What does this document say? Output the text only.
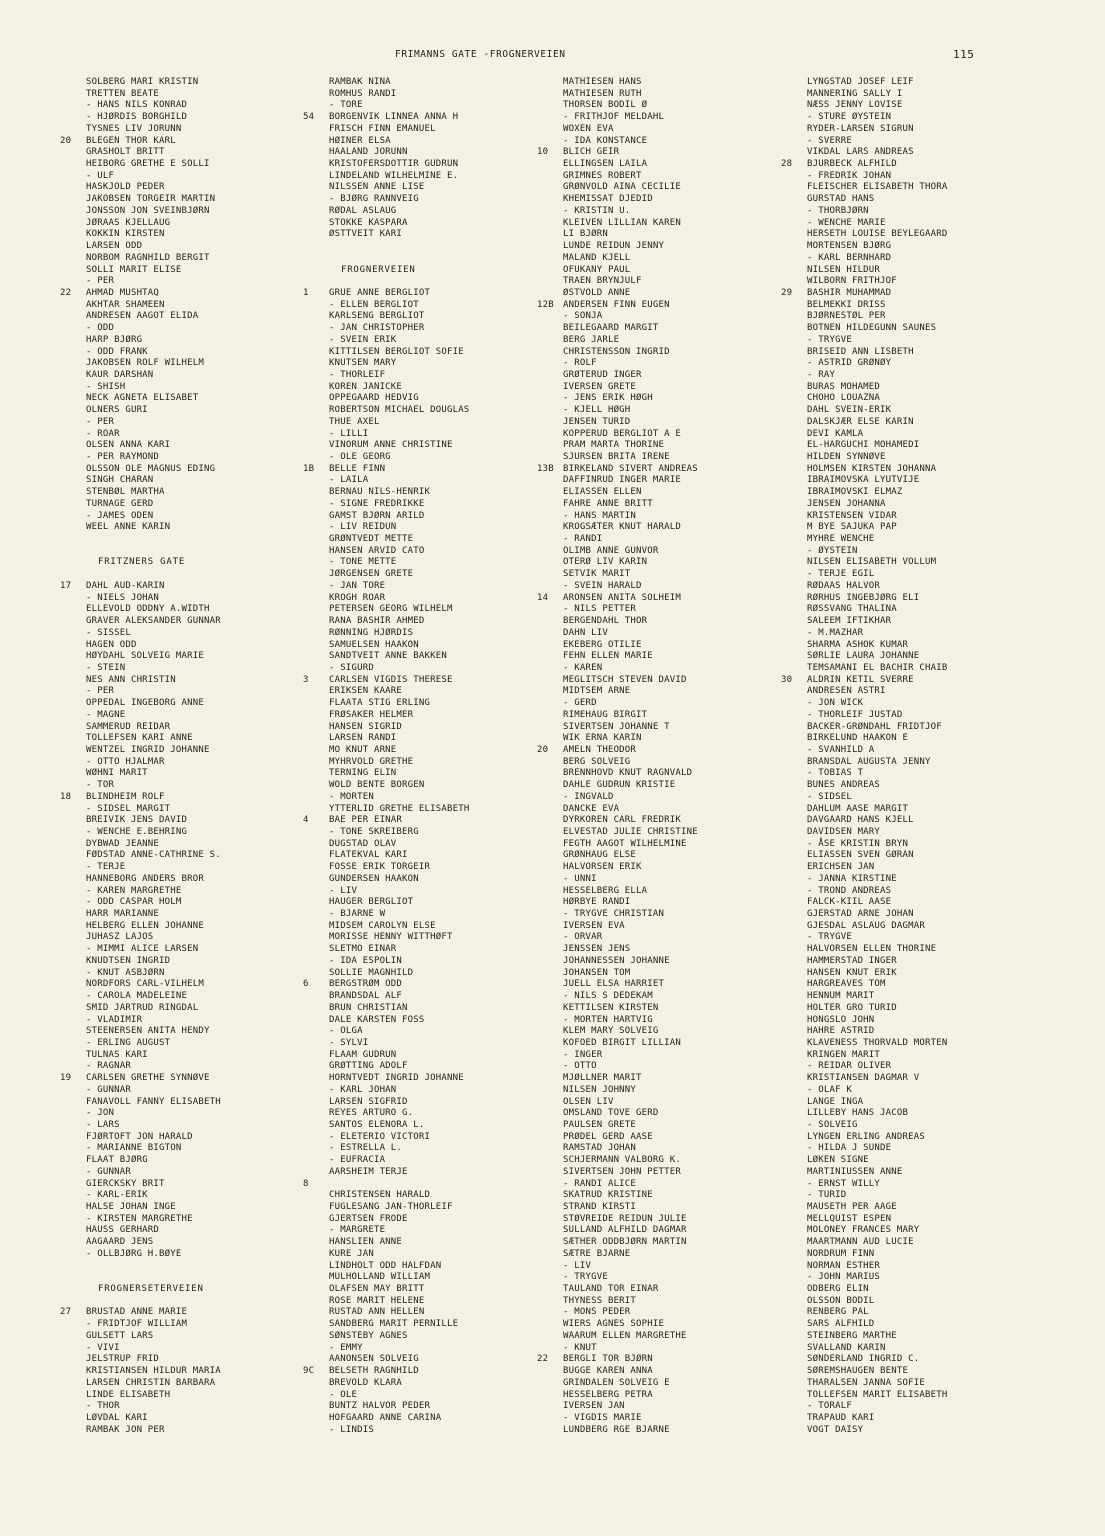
FRIMANNS GATE -FROGNERVEIEN	115
SOLBERG MARI KRISTIN
TRETTEN BEATE
- HANS NILS KONRAD
- HJØRDIS BORGHILD
TYSNES LIV JORUNN
20	BLEGEN THOR KARL
GRASHOLT BRITT
HEIBORG GRETHE E SOLLI
- ULF
HASKJOLD PEDER
JAKOBSEN TORGEIR MARTIN
JONSSON JON SVEINBJØRN
JØRAAS KJELLAUG
KOKKIN KIRSTEN
LARSEN ODD
NORBOM RAGNHILD BERGIT
SOLLI MARIT ELISE
- PER
22	AHMAD MUSHTAQ
AKHTAR SHAMEEN
ANDRESEN AAGOT ELIDA
- ODD
HARP BJØRG
- ODD FRANK
JAKOBSEN ROLF WILHELM
KAUR DARSHAN
- SHISH
NECK AGNETA ELISABET
OLNERS GURI
- PER
- ROAR
OLSEN ANNA KARI
- PER RAYMOND
OLSSON OLE MAGNUS EDING
SINGH CHARAN
STENBØL MARTHA
TURNAGE GERD
- JAMES ODEN
WEEL ANNE KARIN
FRITZNERS GATE
17	DAHL AUD-KARIN
- NIELS JOHAN
ELLEVOLD ODDNY A.WIDTH
GRAVER ALEKSANDER GUNNAR
- SISSEL
HAGEN ODD
HØYDAHL SOLVEIG MARIE
- STEIN
NES ANN CHRISTIN
- PER
OPPEDAL INGEBORG ANNE
- MAGNE
SAMMERUD REIDAR
TOLLEFSEN KARI ANNE
WENTZEL INGRID JOHANNE
- OTTO HJALMAR
WØHNI MARIT
- TOR
18	BLINDHEIM ROLF
- SIDSEL MARGIT
BREIVIK JENS DAVID
- WENCHE E.BEHRING
DYBWAD JEANNE
FØDSTAD ANNE-CATHRINE S.
- TERJE
HANNEBORG ANDERS BROR
- KAREN MARGRETHE
- ODD CASPAR HOLM
HARR MARIANNE
HELBERG ELLEN JOHANNE
JUHASZ LAJOS
- MIMMI ALICE LARSEN
KNUDTSEN INGRID
- KNUT ASBJØRN
NORDFORS CARL-VILHELM
- CAROLA MADELEINE
SMID JARTRUD RINGDAL
- VLADIMIR
STEENERSEN ANITA HENDY
- ERLING AUGUST
TULNAS KARI
- RAGNAR
19	CARLSEN GRETHE SYNNØVE
- GUNNAR
FANAVOLL FANNY ELISABETH
- JON
- LARS
FJØRTOFT JON HARALD
- MARIANNE BIGTON
FLAAT BJØRG
- GUNNAR
GIERCKSKY BRIT
- KARL-ERIK
HALSE JOHAN INGE
- KIRSTEN MARGRETHE
HAUSS GERHARD
AAGAARD JENS
- OLLBJØRG H.BØYE
FROGNERSETERVEIEN
27	BRUSTAD ANNE MARIE
- FRIDTJOF WILLIAM
GULSETT LARS
- VIVI
JELSTRUP FRID
KRISTIANSEN HILDUR MARIA
LARSEN CHRISTIN BARBARA
LINDE ELISABETH
- THOR
LØVDAL KARI
RAMBAK JON PER
RAMBAK NINA
ROMHUS RANDI
- TORE
54	BORGENVIK LINNEA ANNA H
FRISCH FINN EMANUEL
HØINER ELSA
HAALAND JORUNN
KRISTOFERSDOTTIR GUDRUN
LINDELAND WILHELMINE E.
NILSSEN ANNE LISE
- BJØRG RANNVEIG
RØDAL ASLAUG
STOKKE KASPARA
ØSTTVEIT KARI
FROGNERVEIEN
1	GRUE ANNE BERGLIOT
- ELLEN BERGLIOT
KARLSENG BERGLIOT
- JAN CHRISTOPHER
- SVEIN ERIK
KITTILSEN BERGLIOT SOFIE
KNUTSEN MARY
- THORLEIF
KOREN JANICKE
OPPEGAARD HEDVIG
ROBERTSON MICHAEL DOUGLAS
THUE AXEL
- LILLI
VINORUM ANNE CHRISTINE
- OLE GEORG
1B	BELLE FINN
- LAILA
BERNAU NILS-HENRIK
- SIGNE FREDRIKKE
GAMST BJØRN ARILD
- LIV REIDUN
GRØNTVEDT METTE
HANSEN ARVID CATO
- TONE METTE
JØRGENSEN GRETE
- JAN TORE
KROGH ROAR
PETERSEN GEORG WILHELM
RANA BASHIR AHMED
RØNNING HJØRDIS
SAMUELSEN HAAKON
SANDTVEIT ANNE BAKKEN
- SIGURD
3	CARLSEN VIGDIS THERESE
ERIKSEN KAARE
FLAATA STIG ERLING
FRØSAKER HELMER
HANSEN SIGRID
LARSEN RANDI
MO KNUT ARNE
MYHRVOLD GRETHE
TERNING ELIN
WOLD BENTE BORGEN
- MORTEN
YTTERLID GRETHE ELISABETH
4	BAE PER EINAR
- TONE SKREIBERG
DUGSTAD OLAV
FLATEKVAL KARI
FOSSE ERIK TORGEIR
GUNDERSEN HAAKON
- LIV
HAUGER BERGLIOT
- BJARNE W
MIDSEM CAROLYN ELSE
MORISSE HENNY WITTHØFT
SLETMO EINAR
- IDA ESPOLIN
SOLLIE MAGNHILD
6	BERGSTRØM ODD
BRANDSDAL ALF
BRUN CHRISTIAN
DALE KARSTEN FOSS
- OLGA
- SYLVI
FLAAM GUDRUN
GRØTTING ADOLF
HORNTVEDT INGRID JOHANNE
- KARL JOHAN
LARSEN SIGFRID
REYES ARTURO G.
SANTOS ELENORA L.
- ELETERIO VICTORI
- ESTRELLA L.
- EUFRACIA
AARSHEIM TERJE
8
CHRISTENSEN HARALD
FUGLESANG JAN-THORLEIF
GJERTSEN FRODE
- MARGRETE
HANSLIEN ANNE
KURE JAN
LINDHOLT ODD HALFDAN
MULHOLLAND WILLIAM
OLAFSEN MAY BRITT
ROSE MARIT HELENE
RUSTAD ANN HELLEN
SANDBERG MARIT PERNILLE
SØNSTEBY AGNES
- EMMY
AANONSEN SOLVEIG
9C	BELSETH RAGNHILD
BREVOLD KLARA
- OLE
BUNTZ HALVOR PEDER
HOFGAARD ANNE CARINA
- LINDIS
MATHIESEN HANS
MATHIESEN RUTH
THORSEN BODIL Ø
- FRITHJOF MELDAHL
WOXEN EVA
- IDA KONSTANCE
10	BLICH GEIR
ELLINGSEN LAILA
GRIMNES ROBERT
GRØNVOLD AINA CECILIE
KHEMISSAT DJEDID
- KRISTIN U.
KLEIVEN LILLIAN KAREN
LI BJØRN
LUNDE REIDUN JENNY
MALAND KJELL
OFUKANY PAUL
TRAEN BRYNJULF
ØSTVOLD ANNE
12B	ANDERSEN FINN EUGEN
- SONJA
BEILEGAARD MARGIT
BERG JARLE
CHRISTENSSON INGRID
- ROLF
GRØTERUD INGER
IVERSEN GRETE
- JENS ERIK HØGH
- KJELL HØGH
JENSEN TURID
KOPPERUD BERGLIOT A E
PRAM MARTA THORINE
SJURSEN BRITA IRENE
13B	BIRKELAND SIVERT ANDREAS
DAFFINRUD INGER MARIE
ELIASSEN ELLEN
FAHRE ANNE BRITT
- HANS MARTIN
KROGSÆTER KNUT HARALD
- RANDI
OLIMB ANNE GUNVOR
OTERØ LIV KARIN
SETVIK MARIT
- SVEIN HARALD
14	ARONSEN ANITA SOLHEIM
- NILS PETTER
BERGENDAHL THOR
DAHN LIV
EKEBERG OTILIE
FEHN ELLEN MARIE
- KAREN
MEGLITSCH STEVEN DAVID
MIDTSEM ARNE
- GERD
RIMEHAUG BIRGIT
SIVERTSEN JOHANNE T
WIK ERNA KARIN
20	AMELN THEODOR
BERG SOLVEIG
BRENNHOVD KNUT RAGNVALD
DAHLE GUDRUN KRISTIE
- INGVALD
DANCKE EVA
DYRKOREN CARL FREDRIK
ELVESTAD JULIE CHRISTINE
FEGTH AAGOT WILHELMINE
GRØNHAUG ELSE
HALVORSEN ERIK
- UNNI
HESSELBERG ELLA
HØRBYE RANDI
- TRYGVE CHRISTIAN
IVERSEN EVA
- ORVAR
JENSSEN JENS
JOHANNESSEN JOHANNE
JOHANSEN TOM
JUELL ELSA HARRIET
- NILS S DEDEKAM
KETTILSEN KIRSTEN
- MORTEN HARTVIG
KLEM MARY SOLVEIG
KOFOED BIRGIT LILLIAN
- INGER
- OTTO
MJØLLNER MARIT
NILSEN JOHNNY
OLSEN LIV
OMSLAND TOVE GERD
PAULSEN GRETE
PRØDEL GERD AASE
RAMSTAD JOHAN
SCHJERMANN VALBORG K.
SIVERTSEN JOHN PETTER
- RANDI ALICE
SKATRUD KRISTINE
STRAND KIRSTI
STØVREIDE REIDUN JULIE
SULLAND ALFHILD DAGMAR
SÆTHER ODDBJØRN MARTIN
SÆTRE BJARNE
- LIV
- TRYGVE
TAULAND TOR EINAR
THYNESS BERIT
- MONS PEDER
WIERS AGNES SOPHIE
WAARUM ELLEN MARGRETHE
- KNUT
22	BERGLI TOR BJØRN
BUGGE KAREN ANNA
GRINDALEN SOLVEIG E
HESSELBERG PETRA
IVERSEN JAN
- VIGDIS MARIE
LUNDBERG RGE BJARNE
LYNGSTAD JOSEF LEIF
MANNERING SALLY I
NÆSS JENNY LOVISE
- STURE ØYSTEIN
RYDER-LARSEN SIGRUN
- SVERRE
VIKDAL LARS ANDREAS
28	BJURBECK ALFHILD
- FREDRIK JOHAN
FLEISCHER ELISABETH THORA
GURSTAD HANS
- THORBJØRN
- WENCHE MARIE
HERSETH LOUISE BEYLEGAARD
MORTENSEN BJØRG
- KARL BERNHARD
NILSEN HILDUR
WILBORN FRITHJOF
29	BASHIR MUHAMMAD
BELMEKKI DRISS
BJØRNESTØL PER
BOTNEN HILDEGUNN SAUNES
- TRYGVE
BRISEID ANN LISBETH
- ASTRID GRØNØY
- RAY
BURAS MOHAMED
CHOHO LOUAZNA
DAHL SVEIN-ERIK
DALSKJÆR ELSE KARIN
DEVI KAMLA
EL-HARGUCHI MOHAMEDI
HILDEN SYNNØVE
HOLMSEN KIRSTEN JOHANNA
IBRAIMOVSKA LYUTVIJE
IBRAIMOVSKI ELMAZ
JENSEN JOHANNA
KRISTENSEN VIDAR
M BYE SAJUKA PAP
MYHRE WENCHE
- ØYSTEIN
NILSEN ELISABETH VOLLUM
- TERJE EGIL
RØDAAS HALVOR
RØRHUS INGEBJØRG ELI
RØSSVANG THALINA
SALEEM IFTIKHAR
- M.MAZHAR
SHARMA ASHOK KUMAR
SØRLIE LAURA JOHANNE
TEMSAMANI EL BACHIR CHAIB
30	ALDRIN KETIL SVERRE
ANDRESEN ASTRI
- JON WICK
- THORLEIF JUSTAD
BACKER-GRØNDAHL FRIDTJOF
BIRKELUND HAAKON E
- SVANHILD A
BRANSDAL AUGUSTA JENNY
- TOBIAS T
BUNES ANDREAS
- SIDSEL
DAHLUM AASE MARGIT
DAVGAARD HANS KJELL
DAVIDSEN MARY
- ÅSE KRISTIN BRYN
ELIASSEN SVEN GØRAN
ERICHSEN JAN
- JANNA KIRSTINE
- TROND ANDREAS
FALCK-KIIL AASE
GJERSTAD ARNE JOHAN
GJESDAL ASLAUG DAGMAR
- TRYGVE
HALVORSEN ELLEN THORINE
HAMMERSTAD INGER
HANSEN KNUT ERIK
HARGREAVES TOM
HENNUM MARIT
HOLTER GRO TURID
HONGSLO JOHN
HAHRE ASTRID
KLAVENESS THORVALD MORTEN
KRINGEN MARIT
- REIDAR OLIVER
KRISTIANSEN DAGMAR V
- OLAF K
LANGE INGA
LILLEBY HANS JACOB
- SOLVEIG
LYNGEN ERLING ANDREAS
- HILDA J SUNDE
LØKEN SIGNE
MARTINIUSSEN ANNE
- ERNST WILLY
- TURID
MAUSETH PER AAGE
MELLQUIST ESPEN
MOLONEY FRANCES MARY
MAARTMANN AUD LUCIE
NORDRUM FINN
NORMAN ESTHER
- JOHN MARIUS
ODBERG ELIN
OLSSON BODIL
RENBERG PAL
SARS ALFHILD
STEINBERG MARTHE
SVALLAND KARIN
SØNDERLAND INGRID C.
SØREMSHAUGEN BENTE
THARALSEN JANNA SOFIE
TOLLEFSEN MARIT ELISABETH
- TORALF
TRAPAUD KARI
VOGT DAISY
